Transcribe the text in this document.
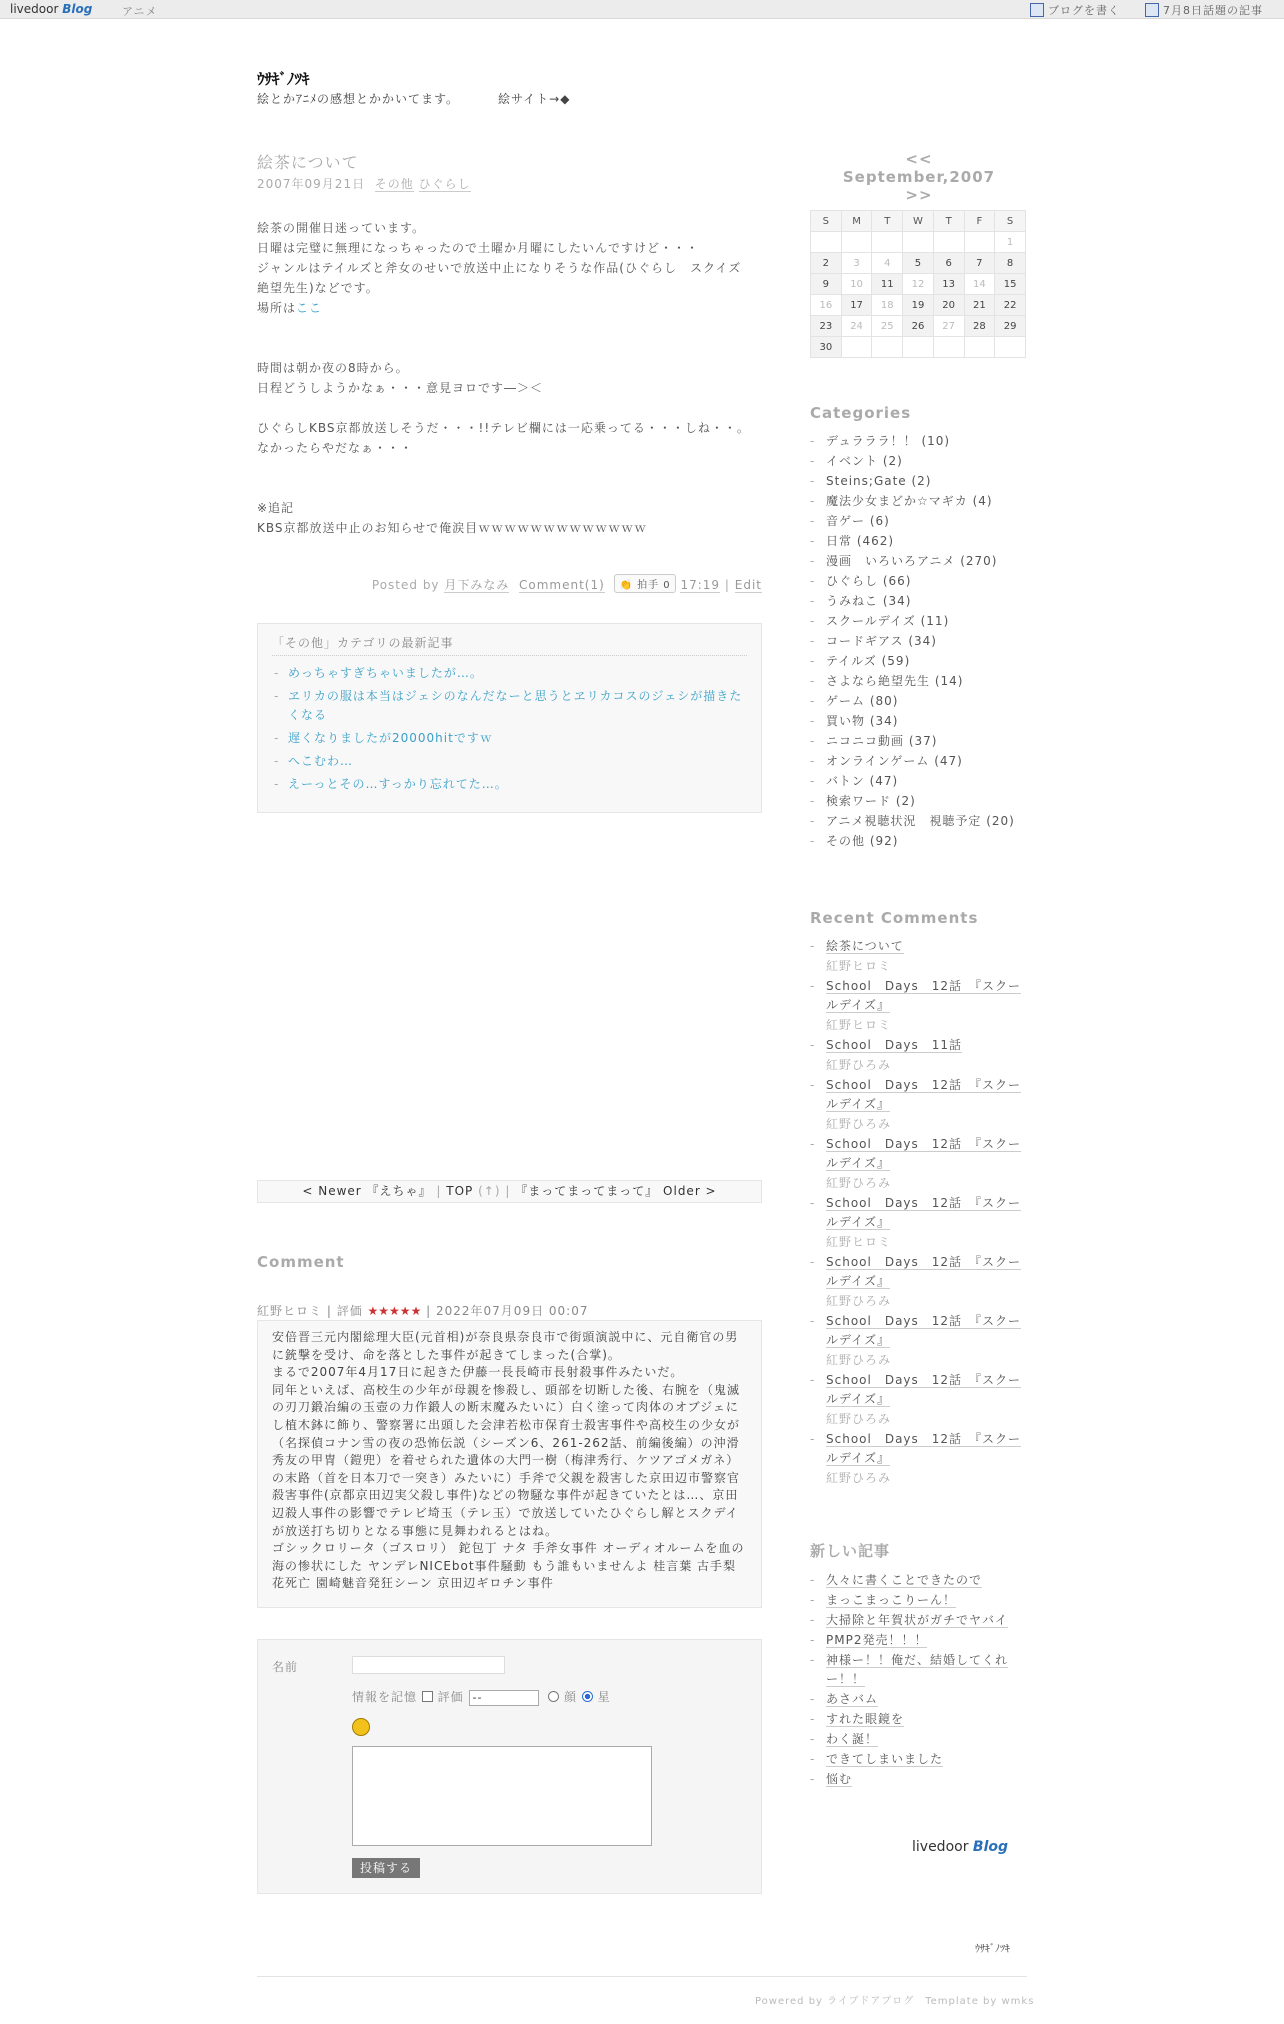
livedoor Blog	アニメ	ブログを書く	7月8日話題の記事
ｳｻｷﾞﾉﾂｷ
絵とかｱﾆﾒの感想とかかいてます。	絵サイト→◆
絵茶について
2007年09月21日 その他 ひぐらし

絵茶の開催日迷っています。

日曜は完璧に無理になっちゃったので土曜か月曜にしたいんですけど・・・

ジャンルはテイルズと斧女のせいで放送中止になりそうな作品(ひぐらし　スクイズ

絶望先生)などです。

場所はここ

時間は朝か夜の8時から。

日程どうしようかなぁ・・・意見ヨロです―＞＜

ひぐらしKBS京都放送しそうだ・・・!!テレビ欄には一応乗ってる・・・しね・・。

なかったらやだなぁ・・・

※追記

KBS京都放送中止のお知らせで俺涙目ｗｗｗｗｗｗｗｗｗｗｗｗｗ

Posted by 月下みなみ Comment(1) 👏 拍手 0 17:19 | Edit
「その他」カテゴリの最新記事
- めっちゃすぎちゃいましたが…。
- ヱリカの服は本当はジェシのなんだなーと思うとヱリカコスのジェシが描きたくなる
- 遅くなりましたが20000hitですｗ
- へこむわ…
- えーっとその…すっかり忘れてた…。
< Newer 『えちゃ』 | TOP (↑) | 『まってまってまって』 Older >
Comment
紅野ヒロミ | 評価 ★★★★★ | 2022年07月09日 00:07
安倍晋三元内閣総理大臣(元首相)が奈良県奈良市で街頭演説中に、元自衛官の男に銃撃を受け、命を落とした事件が起きてしまった(合掌)。
まるで2007年4月17日に起きた伊藤一長長崎市長射殺事件みたいだ。
同年といえば、高校生の少年が母親を惨殺し、頭部を切断した後、右腕を（鬼滅の刃刀鍛冶編の玉壺の力作鍛人の断末魔みたいに）白く塗って肉体のオブジェにし植木鉢に飾り、警察署に出頭した会津若松市保育士殺害事件や高校生の少女が（名探偵コナン雪の夜の恐怖伝説（シーズン6、261-262話、前編後編）の沖滑秀友の甲冑（鎧兜）を着せられた遺体の大門一樹（梅津秀行、ケツアゴメガネ）の末路（首を日本刀で一突き）みたいに）手斧で父親を殺害した京田辺市警察官殺害事件(京都京田辺実父殺し事件)などの物騒な事件が起きていたとは…、京田辺殺人事件の影響でテレビ埼玉（テレ玉）で放送していたひぐらし解とスクデイが放送打ち切りとなる事態に見舞われるとはね。
ゴシックロリータ（ゴスロリ） 鉈包丁 ナタ 手斧女事件 オーディオルームを血の海の惨状にした ヤンデレNICEbot事件騒動 もう誰もいませんよ 桂言葉 古手梨花死亡 園崎魅音発狂シーン 京田辺ギロチン事件
名前
情報を記憶 評価 --	顔 星
投稿する
<< September,2007 >>
S	M	T	W	T	F	S
						1
2	3	4	5	6	7	8
9	10	11	12	13	14	15
16	17	18	19	20	21	22
23	24	25	26	27	28	29
30						
Categories
- デュラララ！！ (10)
- イベント (2)
- Steins;Gate (2)
- 魔法少女まどか☆マギカ (4)
- 音ゲー (6)
- 日常 (462)
- 漫画　いろいろアニメ (270)
- ひぐらし (66)
- うみねこ (34)
- スクールデイズ (11)
- コードギアス (34)
- テイルズ (59)
- さよなら絶望先生 (14)
- ゲーム (80)
- 買い物 (34)
- ニコニコ動画 (37)
- オンラインゲーム (47)
- バトン (47)
- 検索ワード (2)
- アニメ視聴状況　視聴予定 (20)
- その他 (92)
Recent Comments
- 絵茶について
紅野ヒロミ
- School　Days　12話　『スクールデイズ』
紅野ヒロミ
- School　Days　11話
紅野ひろみ
- School　Days　12話　『スクールデイズ』
紅野ひろみ
- School　Days　12話　『スクールデイズ』
紅野ひろみ
- School　Days　12話　『スクールデイズ』
紅野ヒロミ
- School　Days　12話　『スクールデイズ』
紅野ひろみ
- School　Days　12話　『スクールデイズ』
紅野ひろみ
- School　Days　12話　『スクールデイズ』
紅野ひろみ
- School　Days　12話　『スクールデイズ』
紅野ひろみ
新しい記事
- 久々に書くことできたので
- まっこまっこりーん！
- 大掃除と年賀状がガチでヤバイ
- PMP2発売！！！
- 神様ー！！俺だ、結婚してくれー！！
- あさバム
- すれた眼鏡を
- わく誕！
- できてしまいました
- 悩む
livedoor Blog
ｳｻｷﾞﾉﾂｷ
Powered by ライブドアブログ　Template by wmks
